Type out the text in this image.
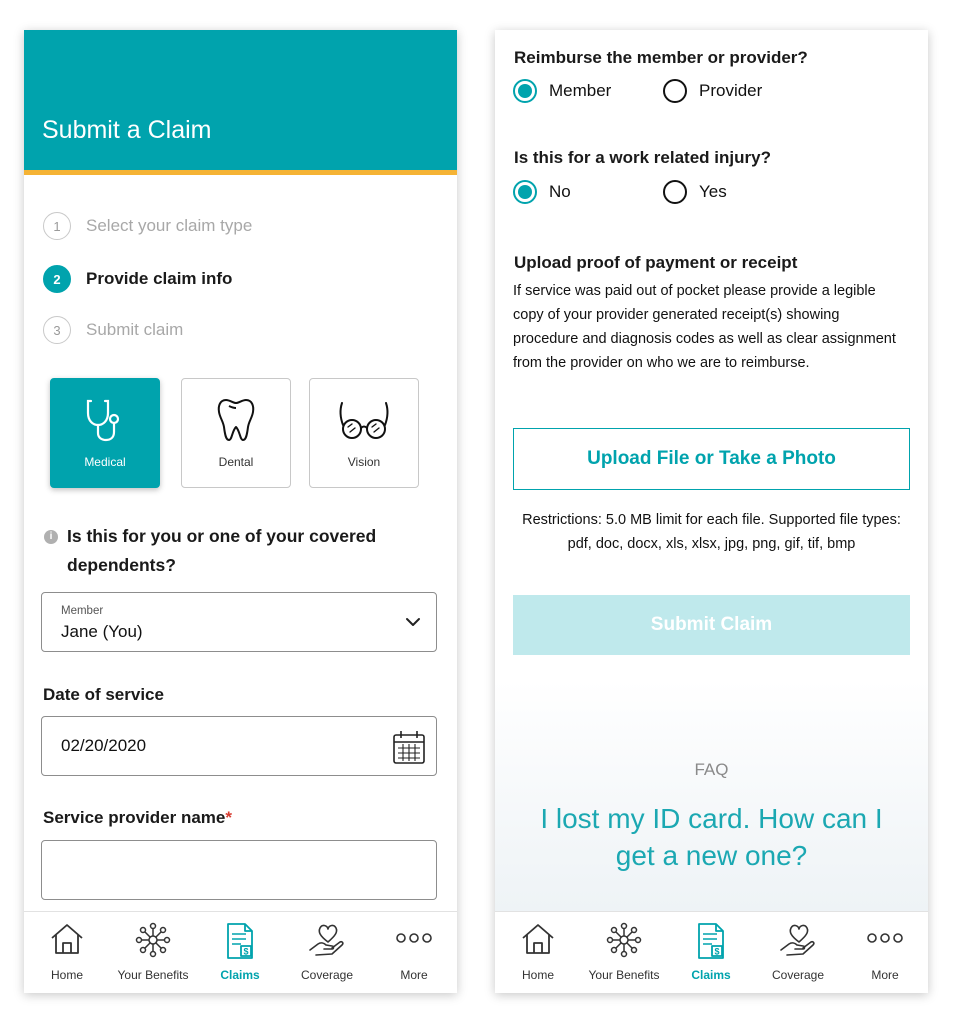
Submit a Claim
1	Select your claim type
2	Provide claim info
3	Submit claim
Medical	Dental	Vision
i Is this for you or one of your covered dependents?
Member
Jane (You)
Date of service
02/20/2020
Service provider name*
Home	Your Benefits
$
Claims	Coverage	More
Reimburse the member or provider?
Member	Provider
Is this for a work related injury?
No	Yes
Upload proof of payment or receipt
If service was paid out of pocket please provide a legible copy of your provider generated receipt(s) showing procedure and diagnosis codes as well as clear assignment from the provider on who we are to reimburse.
Upload File or Take a Photo
Restrictions: 5.0 MB limit for each file. Supported file types: pdf, doc, docx, xls, xlsx, jpg, png, gif, tif, bmp
Submit Claim
FAQ
I lost my ID card. How can I get a new one?
Home	Your Benefits
$
Claims	Coverage	More
